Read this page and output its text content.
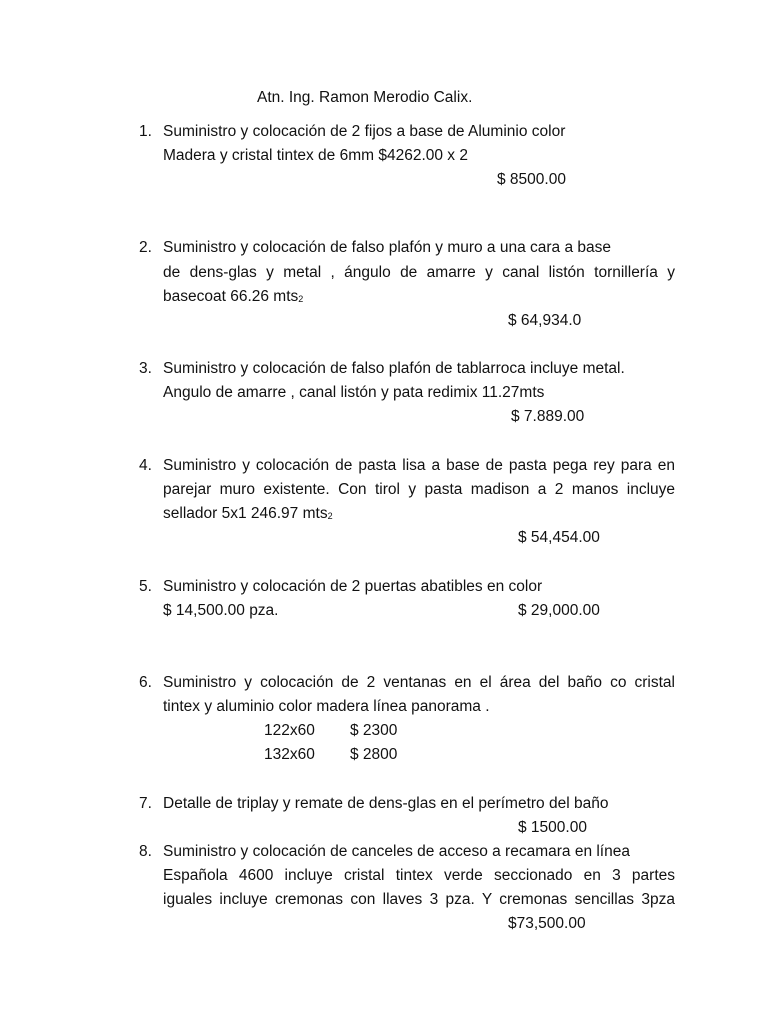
Atn. Ing. Ramon Merodio Calix.
1. Suministro y colocación de 2 fijos a base de Aluminio color
Madera y cristal tintex de 6mm $4262.00 x 2
$ 8500.00
2. Suministro y colocación de falso plafón y muro a una cara a base
de dens-glas y metal , ángulo de amarre y canal listón tornillería y
basecoat 66.26 mts$_2$
$ 64,934.0
3. Suministro y colocación de falso plafón de tablarroca incluye metal.
Angulo de amarre , canal listón y pata redimix 11.27mts
$ 7.889.00
4. Suministro y colocación de pasta lisa a base de pasta pega rey para en
parejar muro existente. Con tirol y pasta madison a 2 manos incluye
sellador 5x1 246.97 mts$_2$
$ 54,454.00
5. Suministro y colocación de 2 puertas abatibles en color
$ 14,500.00 pza.	$ 29,000.00
6. Suministro y colocación de 2 ventanas en el área del baño co cristal
tintex y aluminio color madera línea panorama .
122x60 $ 2300
132x60 $ 2800
7. Detalle de triplay y remate de dens-glas en el perímetro del baño
$ 1500.00
8. Suministro y colocación de canceles de acceso a recamara en línea
Española 4600 incluye cristal tintex verde seccionado en 3 partes
iguales incluye cremonas con llaves 3 pza. Y cremonas sencillas 3pza
$73,500.00
